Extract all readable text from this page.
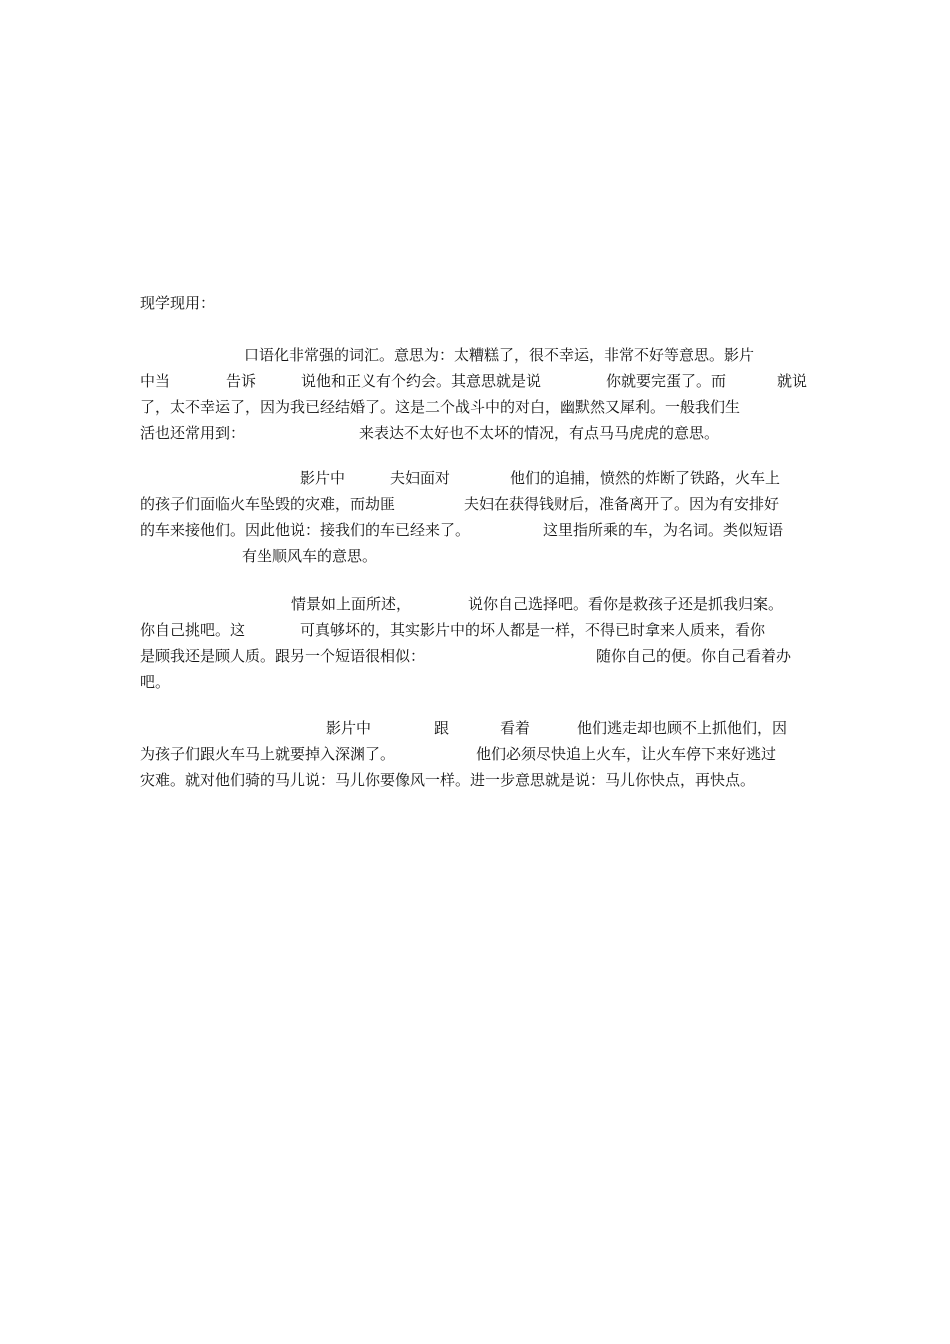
现学现用：
口语化非常强的词汇。意思为：太糟糕了，很不幸运，非常不好等意思。影片
中当	告诉	说他和正义有个约会。其意思就是说	你就要完蛋了。而	就说
了，太不幸运了，因为我已经结婚了。这是二个战斗中的对白，幽默然又犀利。一般我们生
活也还常用到：	来表达不太好也不太坏的情况，有点马马虎虎的意思。
影片中	夫妇面对	他们的追捕，愤然的炸断了铁路，火车上
的孩子们面临火车坠毁的灾难，而劫匪	夫妇在获得钱财后，准备离开了。因为有安排好
的车来接他们。因此他说：接我们的车已经来了。	这里指所乘的车，为名词。类似短语
有坐顺风车的意思。
情景如上面所述，	说你自己选择吧。看你是救孩子还是抓我归案。
你自己挑吧。这	可真够坏的，其实影片中的坏人都是一样，不得已时拿来人质来，看你
是顾我还是顾人质。跟另一个短语很相似：	随你自己的便。你自己看着办
吧。
影片中	跟	看着	他们逃走却也顾不上抓他们，因
为孩子们跟火车马上就要掉入深渊了。	他们必须尽快追上火车，让火车停下来好逃过
灾难。就对他们骑的马儿说：马儿你要像风一样。进一步意思就是说：马儿你快点，再快点。
